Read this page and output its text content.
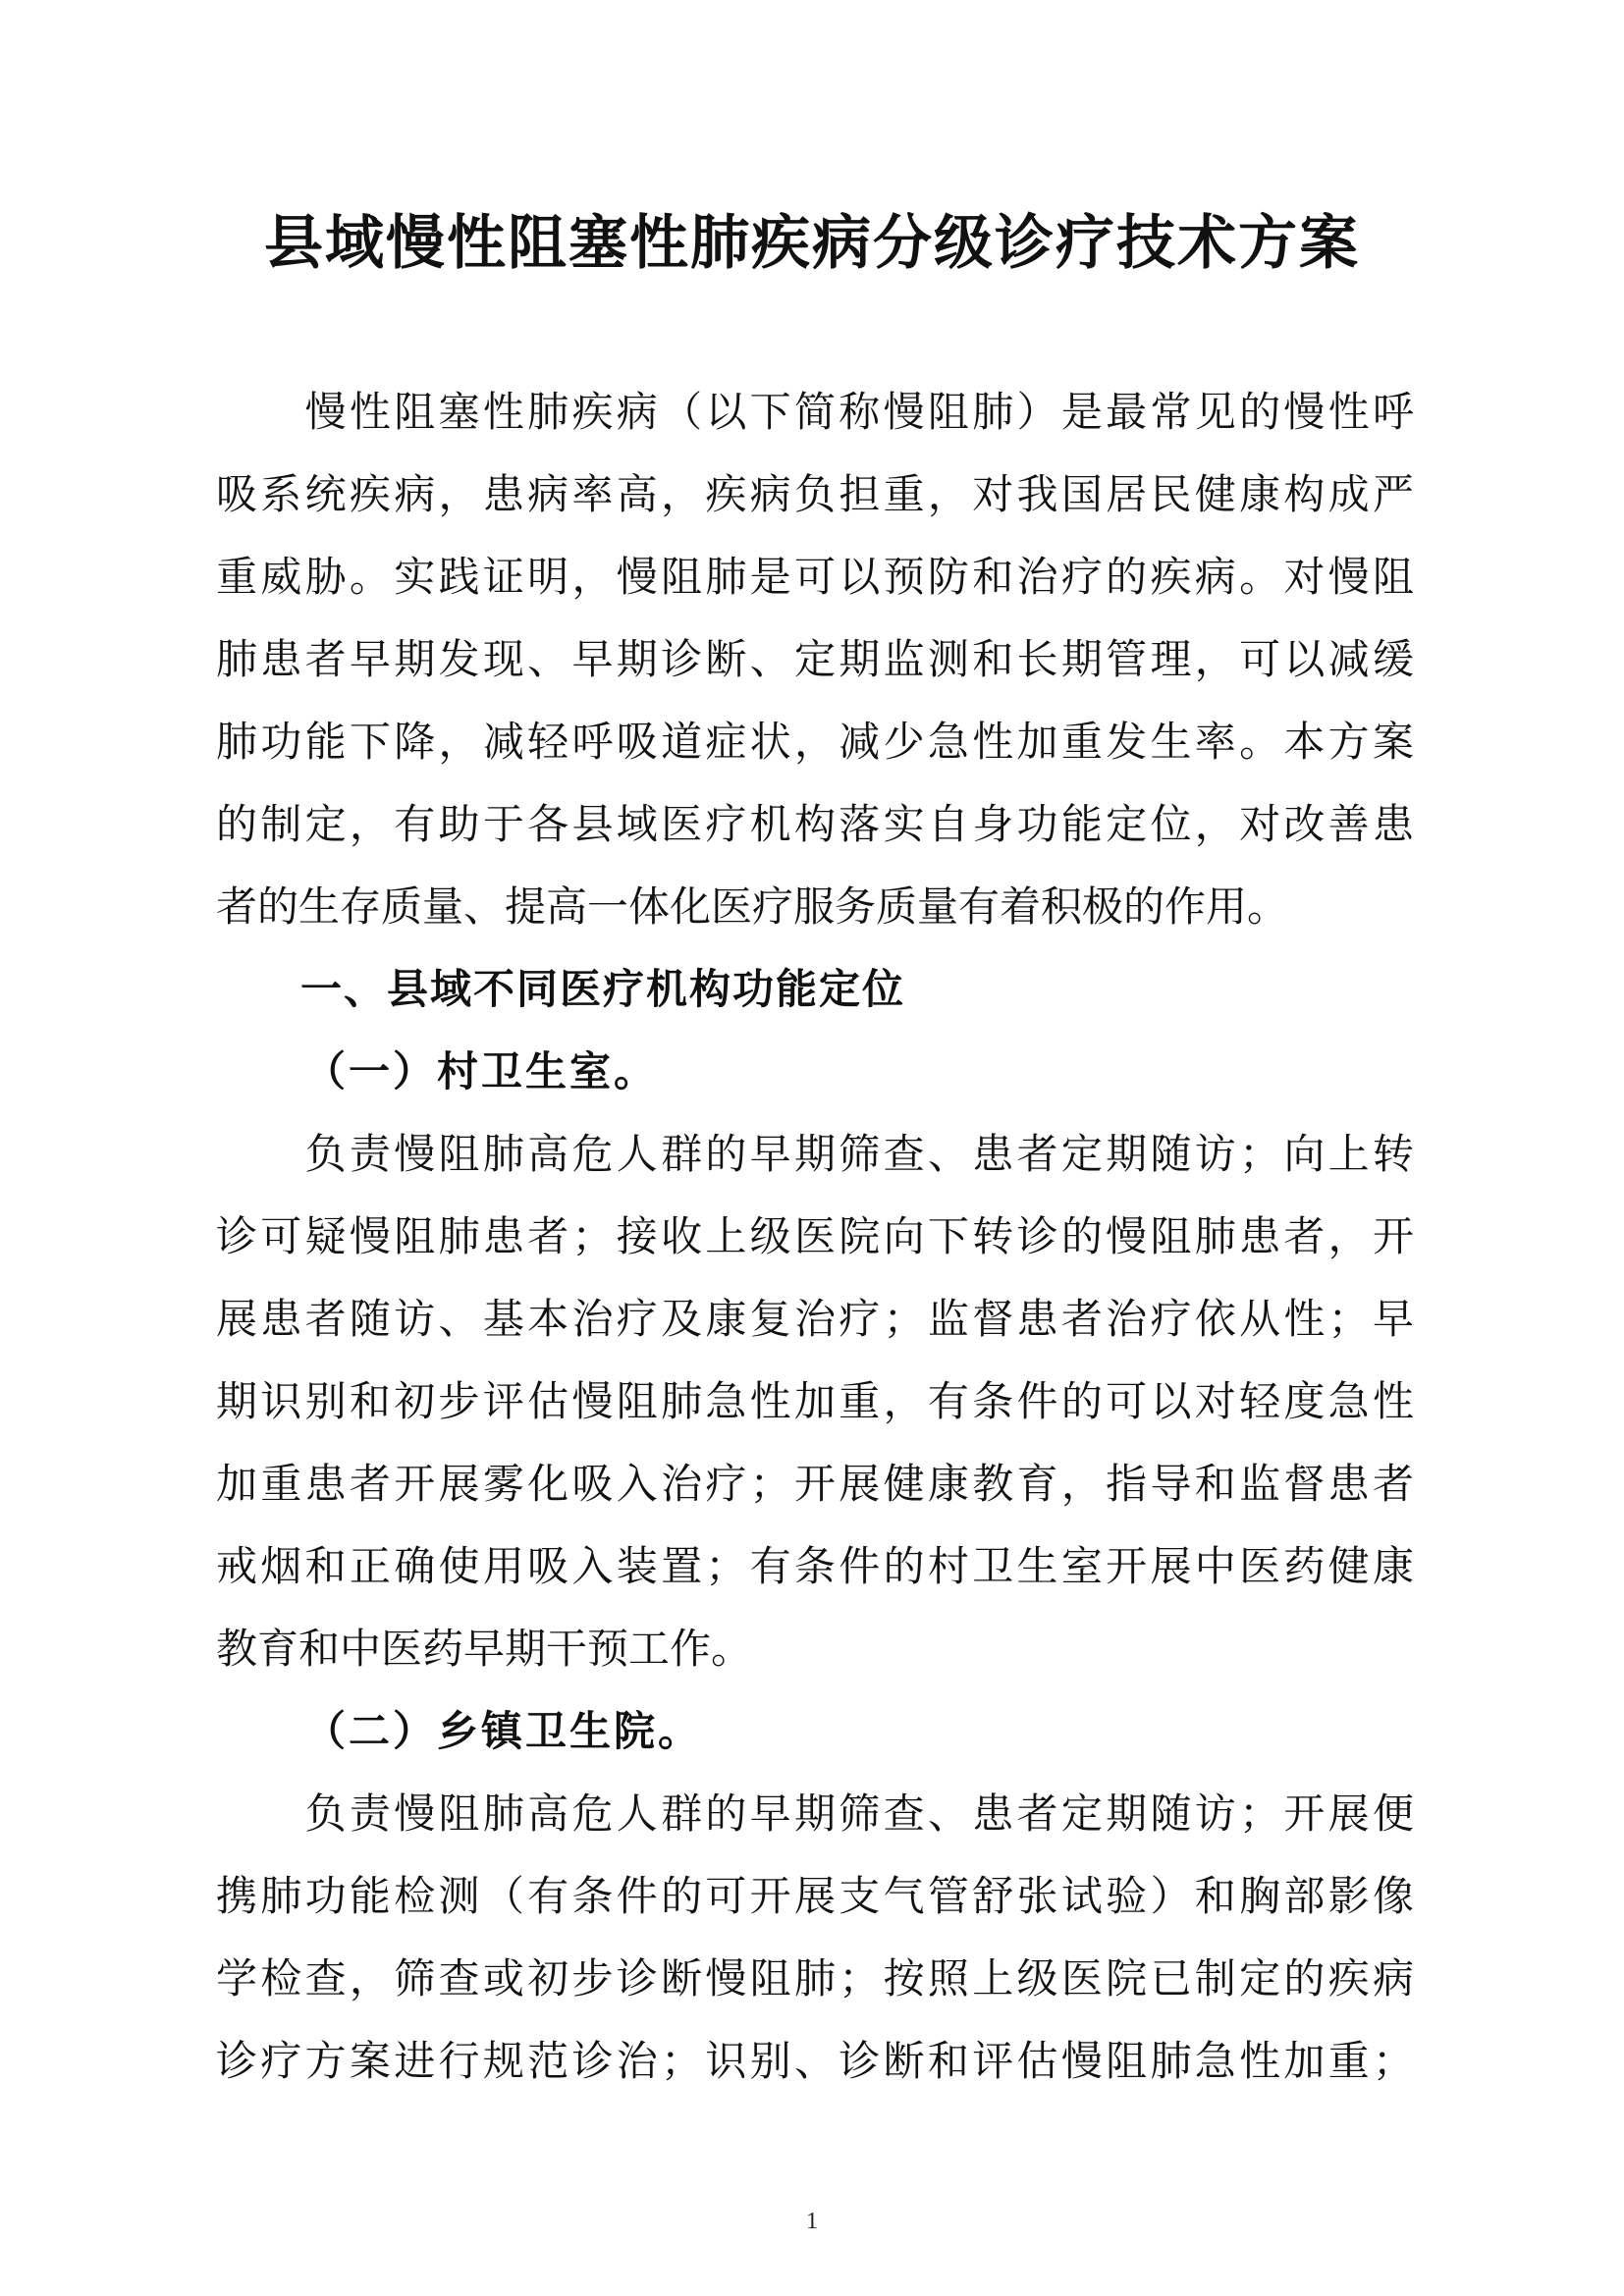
县域慢性阻塞性肺疾病分级诊疗技术方案
　　慢性阻塞性肺疾病（以下简称慢阻肺）是最常见的慢性呼
吸系统疾病，患病率高，疾病负担重，对我国居民健康构成严
重威胁。实践证明，慢阻肺是可以预防和治疗的疾病。对慢阻
肺患者早期发现、早期诊断、定期监测和长期管理，可以减缓
肺功能下降，减轻呼吸道症状，减少急性加重发生率。本方案
的制定，有助于各县域医疗机构落实自身功能定位，对改善患
者的生存质量、提高一体化医疗服务质量有着积极的作用。
一、县域不同医疗机构功能定位
（一）村卫生室。
　　负责慢阻肺高危人群的早期筛查、患者定期随访；向上转
诊可疑慢阻肺患者；接收上级医院向下转诊的慢阻肺患者，开
展患者随访、基本治疗及康复治疗；监督患者治疗依从性；早
期识别和初步评估慢阻肺急性加重，有条件的可以对轻度急性
加重患者开展雾化吸入治疗；开展健康教育，指导和监督患者
戒烟和正确使用吸入装置；有条件的村卫生室开展中医药健康
教育和中医药早期干预工作。
（二）乡镇卫生院。
　　负责慢阻肺高危人群的早期筛查、患者定期随访；开展便
携肺功能检测（有条件的可开展支气管舒张试验）和胸部影像
学检查，筛查或初步诊断慢阻肺；按照上级医院已制定的疾病
诊疗方案进行规范诊治；识别、诊断和评估慢阻肺急性加重；
1
